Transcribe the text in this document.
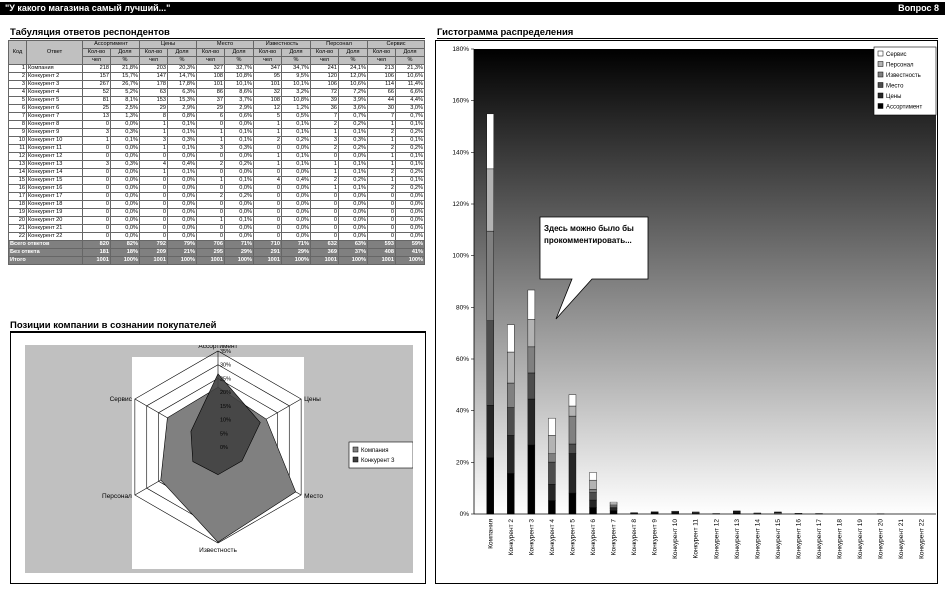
"У какого магазина самый лучший..."	Вопрос 8
Табуляция ответов респондентов
Код	Ответ	Ассортимент		Цены		Место		Известность		Персонал		Сервис	
		Кол-во	Доля	Кол-во	Доля	Кол-во	Доля	Кол-во	Доля	Кол-во	Доля	Кол-во	Доля
		чел	%	чел	%	чел	%	чел	%	чел	%	чел	%
1	Компания	218	21,8%	203	20,3%	327	32,7%	347	34,7%	241	24,1%	213	21,3%
2	Конкурент 2	157	15,7%	147	14,7%	108	10,8%	95	9,5%	120	12,0%	106	10,6%
3	Конкурент 3	267	26,7%	178	17,8%	101	10,1%	101	10,1%	106	10,6%	114	11,4%
4	Конкурент 4	52	5,2%	63	6,3%	86	8,6%	32	3,2%	72	7,2%	66	6,6%
5	Конкурент 5	81	8,1%	153	15,3%	37	3,7%	108	10,8%	39	3,9%	44	4,4%
6	Конкурент 6	25	2,5%	29	2,9%	29	2,9%	12	1,2%	36	3,6%	30	3,0%
7	Конкурент 7	13	1,3%	8	0,8%	6	0,6%	5	0,5%	7	0,7%	7	0,7%
8	Конкурент 8	0	0,0%	1	0,1%	0	0,0%	1	0,1%	2	0,2%	1	0,1%
9	Конкурент 9	3	0,3%	1	0,1%	1	0,1%	1	0,1%	1	0,1%	2	0,2%
10	Конкурент 10	1	0,1%	3	0,3%	1	0,1%	2	0,2%	3	0,3%	1	0,1%
11	Конкурент 11	0	0,0%	1	0,1%	3	0,3%	0	0,0%	2	0,2%	2	0,2%
12	Конкурент 12	0	0,0%	0	0,0%	0	0,0%	1	0,1%	0	0,0%	1	0,1%
13	Конкурент 13	3	0,3%	4	0,4%	2	0,2%	1	0,1%	1	0,1%	1	0,1%
14	Конкурент 14	0	0,0%	1	0,1%	0	0,0%	0	0,0%	1	0,1%	2	0,2%
15	Конкурент 15	0	0,0%	0	0,0%	1	0,1%	4	0,4%	2	0,2%	1	0,1%
16	Конкурент 16	0	0,0%	0	0,0%	0	0,0%	0	0,0%	1	0,1%	2	0,2%
17	Конкурент 17	0	0,0%	0	0,0%	2	0,2%	0	0,0%	0	0,0%	0	0,0%
18	Конкурент 18	0	0,0%	0	0,0%	0	0,0%	0	0,0%	0	0,0%	0	0,0%
19	Конкурент 19	0	0,0%	0	0,0%	0	0,0%	0	0,0%	0	0,0%	0	0,0%
20	Конкурент 20	0	0,0%	0	0,0%	1	0,1%	0	0,0%	0	0,0%	0	0,0%
21	Конкурент 21	0	0,0%	0	0,0%	0	0,0%	0	0,0%	0	0,0%	0	0,0%
22	Конкурент 22	0	0,0%	0	0,0%	0	0,0%	0	0,0%	0	0,0%	0	0,0%
Всего ответов		820	82%	792	79%	706	71%	710	71%	632	63%	593	59%
Без ответа		181	18%	209	21%	295	29%	291	29%	369	37%	408	41%
Итого		1001	100%	1001	100%	1001	100%	1001	100%	1001	100%	1001	100%
Позиции компании в сознании покупателей
0%
5%
10%
15%
20%
25%
30%
35%
Ассортимент
Цены
Место
Известность
Персонал
Сервис
Компания
Конкурент 3
Гистограмма распределения
0%
20%
40%
60%
80%
100%
120%
140%
160%
180%
Компания Конкурент 2 Конкурент 3 Конкурент 4 Конкурент 5 Конкурент 6 Конкурент 7 Конкурент 8 Конкурент 9 Конкурент 10 Конкурент 11 Конкурент 12 Конкурент 13 Конкурент 14 Конкурент 15 Конкурент 16 Конкурент 17 Конкурент 18 Конкурент 19 Конкурент 20 Конкурент 21 Конкурент 22
Сервис
Персонал
Известность
Место
Цены
Ассортимент
Здесь можно было бы
прокомментировать...
